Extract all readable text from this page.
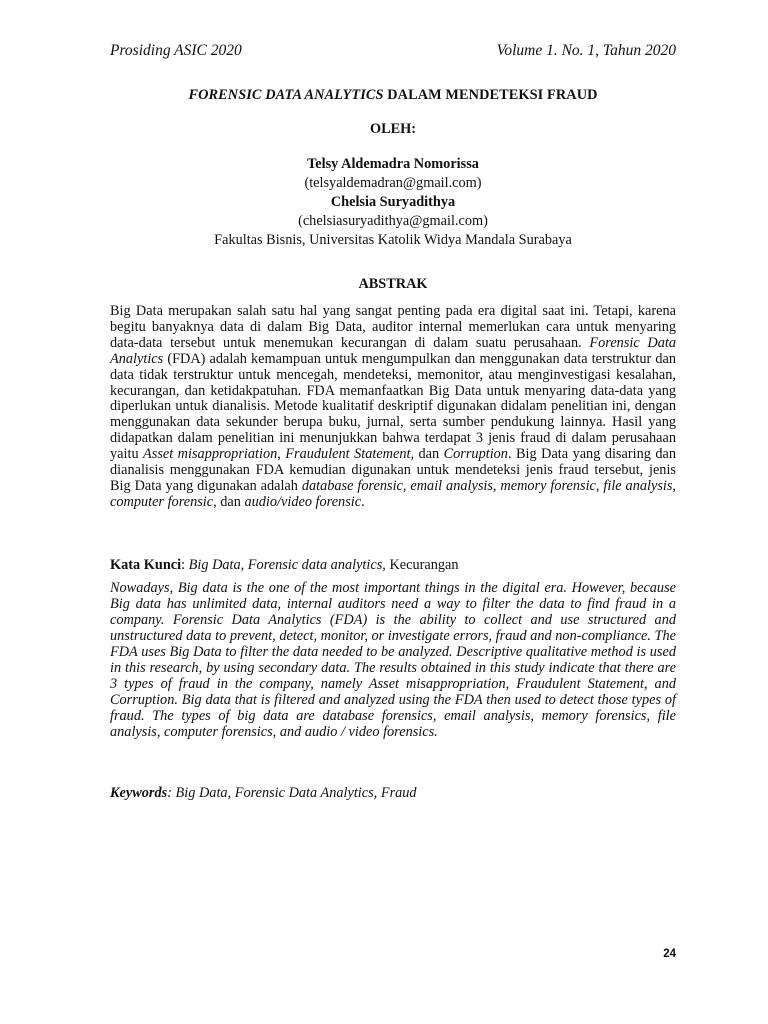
Prosiding ASIC 2020	Volume 1. No. 1, Tahun 2020
FORENSIC DATA ANALYTICS DALAM MENDETEKSI FRAUD
OLEH:
Telsy Aldemadra Nomorissa
(telsyaldemadran@gmail.com)
Chelsia Suryadithya
(chelsiasuryadithya@gmail.com)
Fakultas Bisnis, Universitas Katolik Widya Mandala Surabaya
ABSTRAK

Big Data merupakan salah satu hal yang sangat penting pada era digital saat ini. Tetapi, karena begitu banyaknya data di dalam Big Data, auditor internal memerlukan cara untuk menyaring data-data tersebut untuk menemukan kecurangan di dalam suatu perusahaan. Forensic Data Analytics (FDA) adalah kemampuan untuk mengumpulkan dan menggunakan data terstruktur dan data tidak terstruktur untuk mencegah, mendeteksi, memonitor, atau menginvestigasi kesalahan, kecurangan, dan ketidakpatuhan. FDA memanfaatkan Big Data untuk menyaring data-data yang diperlukan untuk dianalisis. Metode kualitatif deskriptif digunakan didalam penelitian ini, dengan menggunakan data sekunder berupa buku, jurnal, serta sumber pendukung lainnya. Hasil yang didapatkan dalam penelitian ini menunjukkan bahwa terdapat 3 jenis fraud di dalam perusahaan yaitu Asset misappropriation, Fraudulent Statement, dan Corruption. Big Data yang disaring dan dianalisis menggunakan FDA kemudian digunakan untuk mendeteksi jenis fraud tersebut, jenis Big Data yang digunakan adalah database forensic, email analysis, memory forensic, file analysis, computer forensic, dan audio/video forensic.

Kata Kunci: Big Data, Forensic data analytics, Kecurangan

Nowadays, Big data is the one of the most important things in the digital era. However, because Big data has unlimited data, internal auditors need a way to filter the data to find fraud in a company. Forensic Data Analytics (FDA) is the ability to collect and use structured and unstructured data to prevent, detect, monitor, or investigate errors, fraud and non-compliance. The FDA uses Big Data to filter the data needed to be analyzed. Descriptive qualitative method is used in this research, by using secondary data. The results obtained in this study indicate that there are 3 types of fraud in the company, namely Asset misappropriation, Fraudulent Statement, and Corruption. Big data that is filtered and analyzed using the FDA then used to detect those types of fraud. The types of big data are database forensics, email analysis, memory forensics, file analysis, computer forensics, and audio / video forensics.

Keywords: Big Data, Forensic Data Analytics, Fraud

24
